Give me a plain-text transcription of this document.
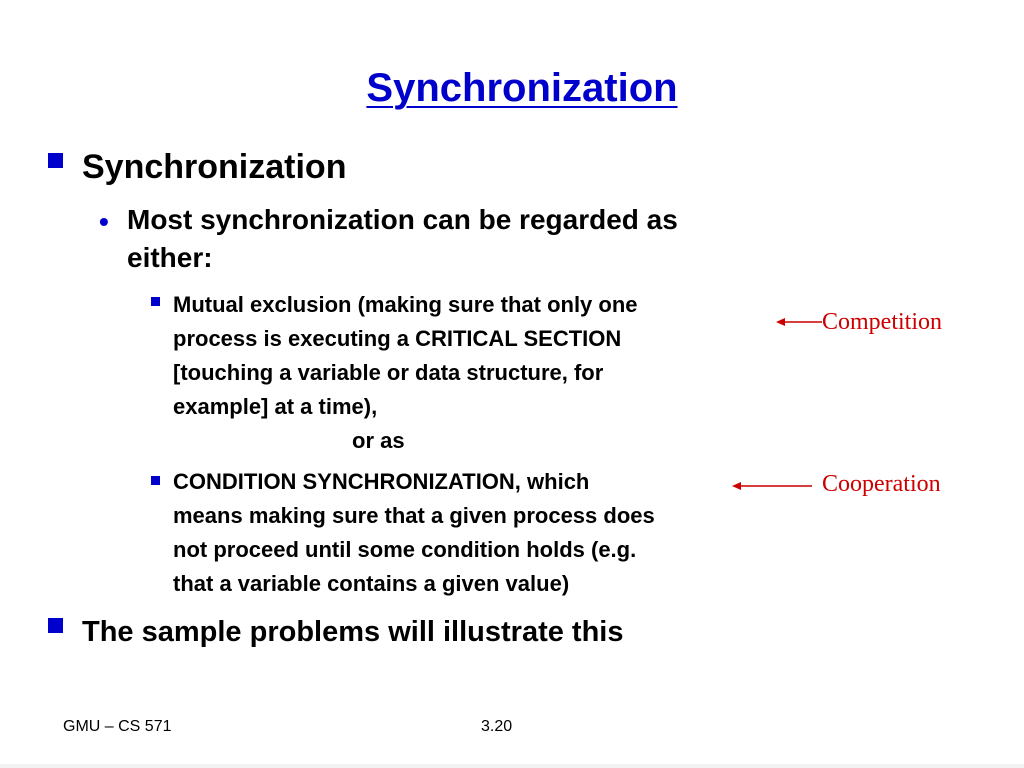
Synchronization
Synchronization
• Most synchronization can be regarded as
either:
Mutual exclusion (making sure that only one
process is executing a CRITICAL SECTION
[touching a variable or data structure, for
example] at a time),
or as
CONDITION SYNCHRONIZATION, which
means making sure that a given process does
not proceed until some condition holds (e.g.
that a variable contains a given value)
The sample problems will illustrate this
Competition
Cooperation
GMU – CS 571	3.20
